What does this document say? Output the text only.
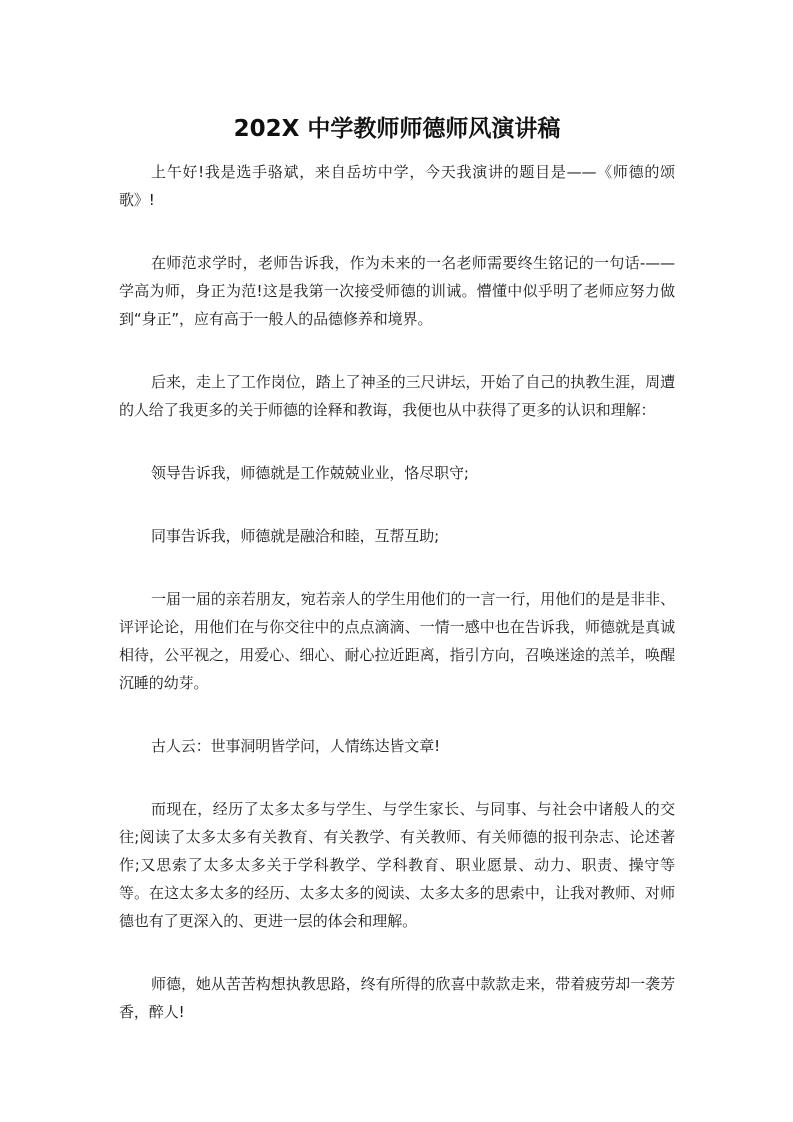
202X 中学教师师德师风演讲稿

上午好!我是选手骆斌，来自岳坊中学，今天我演讲的题目是——《师德的颂歌》!

在师范求学时，老师告诉我，作为未来的一名老师需要终生铭记的一句话-——学高为师，身正为范!这是我第一次接受师德的训诫。懵懂中似乎明了老师应努力做到“身正”，应有高于一般人的品德修养和境界。

后来，走上了工作岗位，踏上了神圣的三尺讲坛，开始了自己的执教生涯，周遭的人给了我更多的关于师德的诠释和教诲，我便也从中获得了更多的认识和理解：

领导告诉我，师德就是工作兢兢业业，恪尽职守;

同事告诉我，师德就是融洽和睦，互帮互助;

一届一届的亲若朋友，宛若亲人的学生用他们的一言一行，用他们的是是非非、评评论论，用他们在与你交往中的点点滴滴、一情一感中也在告诉我，师德就是真诚相待，公平视之，用爱心、细心、耐心拉近距离，指引方向，召唤迷途的羔羊，唤醒沉睡的幼芽。

古人云：世事洞明皆学问，人情练达皆文章!

而现在，经历了太多太多与学生、与学生家长、与同事、与社会中诸般人的交往;阅读了太多太多有关教育、有关教学、有关教师、有关师德的报刊杂志、论述著作;又思索了太多太多关于学科教学、学科教育、职业愿景、动力、职责、操守等等。在这太多太多的经历、太多太多的阅读、太多太多的思索中，让我对教师、对师德也有了更深入的、更进一层的体会和理解。

师德，她从苦苦构想执教思路，终有所得的欣喜中款款走来，带着疲劳却一袭芳香，醉人!
